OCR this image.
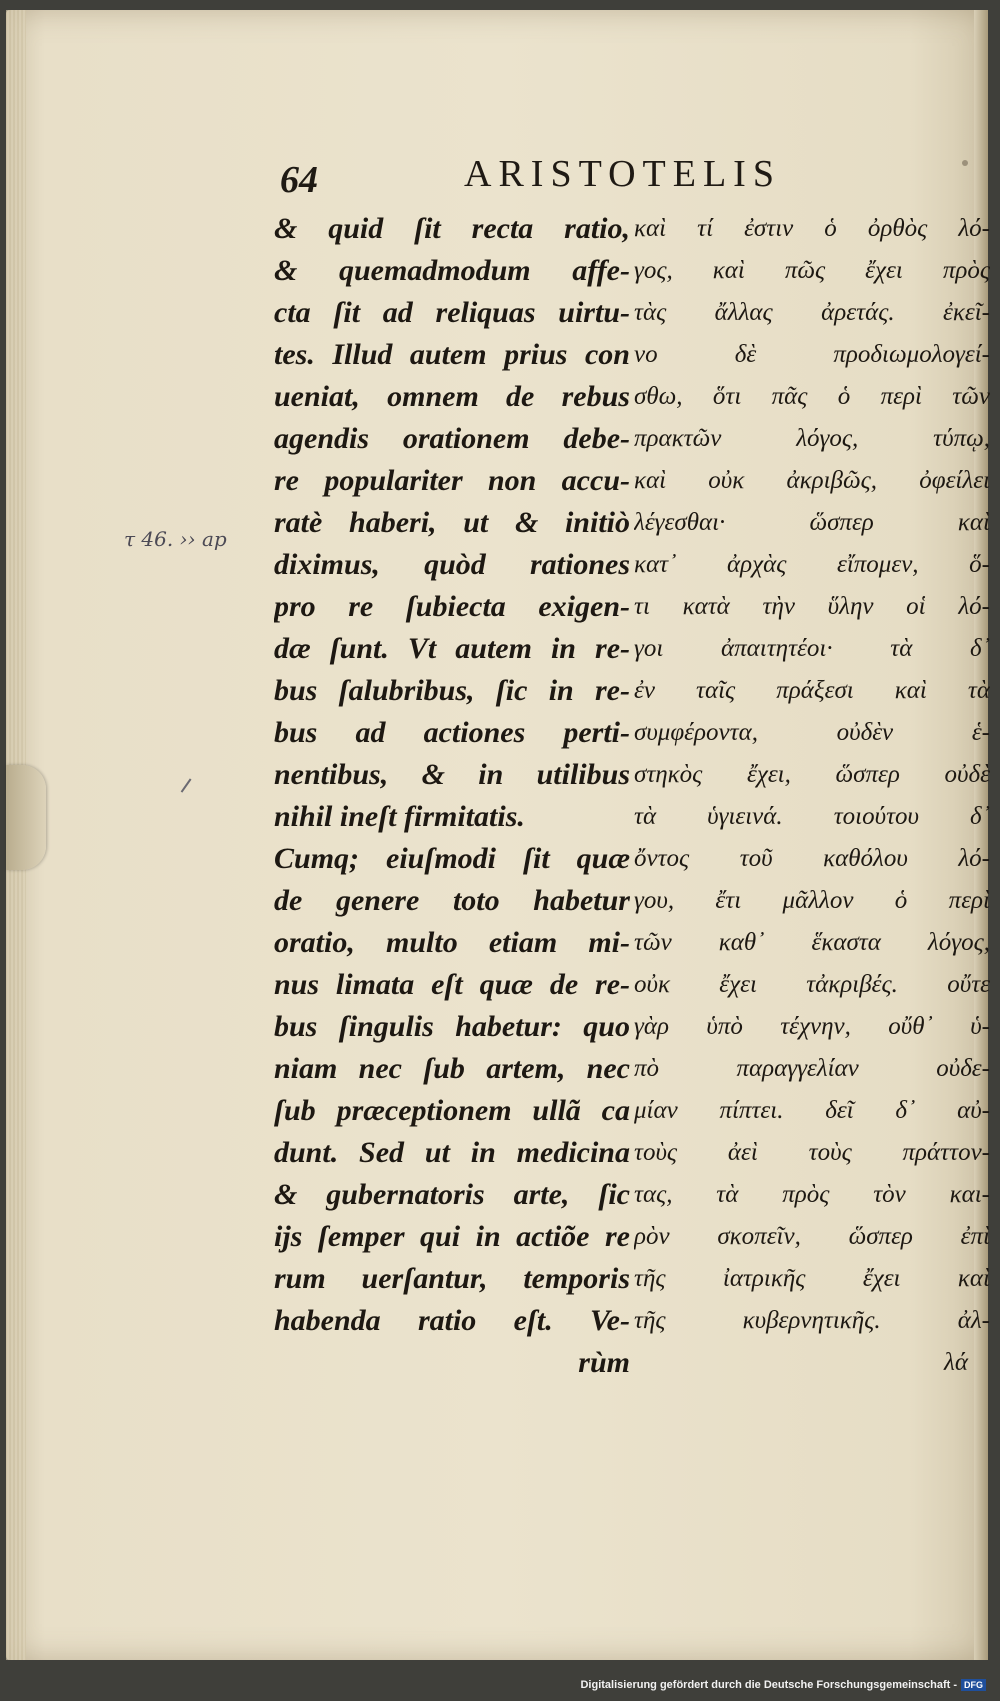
64	ARISTOTELIS
τ 46. ›› ap
& quid ſit recta ratio,
& quemadmodum affe-
cta ſit ad reliquas uirtu-
tes. Illud autem prius con
ueniat, omnem de rebus
agendis orationem debe-
re populariter non accu-
ratè haberi, ut & initiò
diximus, quòd rationes
pro re ſubiecta exigen-
dæ ſunt. Vt autem in re-
bus ſalubribus, ſic in re-
bus ad actiones perti-
nentibus, & in utilibus
nihil ineſt firmitatis.
Cumq; eiuſmodi ſit quæ
de genere toto habetur
oratio, multo etiam mi-
nus limata eſt quæ de re-
bus ſingulis habetur: quo
niam nec ſub artem, nec
ſub præceptionem ullã ca
dunt. Sed ut in medicina
& gubernatoris arte, ſic
ijs ſemper qui in actiõe re
rum uerſantur, temporis
habenda ratio eſt. Ve-
rùm
καὶ τί ἐστιν ὁ ὀρθὸς λό-
γος, καὶ πῶς ἔχει πρὸς
τὰς ἄλλας ἀρετάς. ἐκεῖ-
νο δὲ προδιωμολογεί-
σθω, ὅτι πᾶς ὁ περὶ τῶν
πρακτῶν λόγος, τύπῳ,
καὶ οὐκ ἀκριβῶς, ὀφείλει
λέγεσθαι· ὥσπερ καὶ
κατ᾽ ἀρχὰς εἴπομεν, ὅ-
τι κατὰ τὴν ὕλην οἱ λό-
γοι ἀπαιτητέοι· τὰ δ᾽
ἐν ταῖς πράξεσι καὶ τὰ
συμφέροντα, οὐδὲν ἑ-
στηκὸς ἔχει, ὥσπερ οὐδὲ
τὰ ὑγιεινά. τοιούτου δ᾽
ὄντος τοῦ καθόλου λό-
γου, ἔτι μᾶλλον ὁ περὶ
τῶν καθ᾽ ἕκαστα λόγος,
οὐκ ἔχει τἀκριβές. οὔτε
γὰρ ὑπὸ τέχνην, οὔθ᾽ ὑ-
πὸ παραγγελίαν οὐδε-
μίαν πίπτει. δεῖ δ᾽ αὐ-
τοὺς ἀεὶ τοὺς πράττον-
τας, τὰ πρὸς τὸν και-
ρὸν σκοπεῖν, ὥσπερ ἐπὶ
τῆς ἰατρικῆς ἔχει καὶ
τῆς κυβερνητικῆς. ἀλ-
λά
Digitalisierung gefördert durch die Deutsche Forschungsgemeinschaft - DFG
